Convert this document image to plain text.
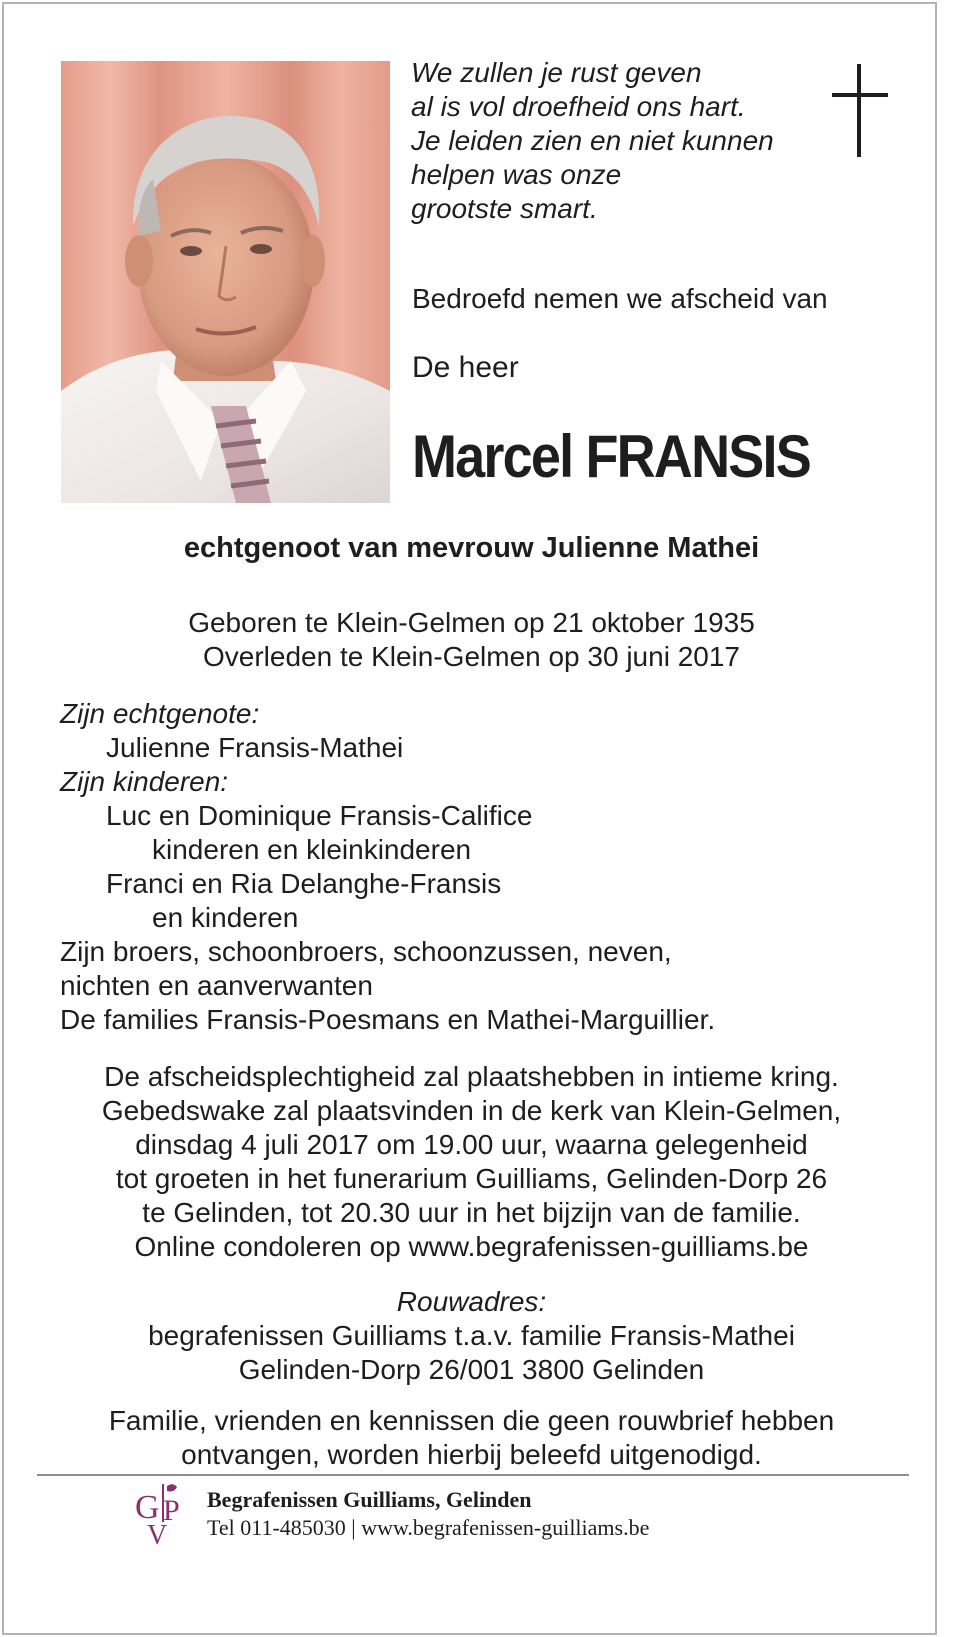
We zullen je rust geven
al is vol droefheid ons hart.
Je leiden zien en niet kunnen
helpen was onze
grootste smart.
Bedroefd nemen we afscheid van
De heer
Marcel FRANSIS
echtgenoot van mevrouw Julienne Mathei
Geboren te Klein-Gelmen op 21 oktober 1935
Overleden te Klein-Gelmen op 30 juni 2017
Zijn echtgenote:
Julienne Fransis-Mathei
Zijn kinderen:
Luc en Dominique Fransis-Califice
kinderen en kleinkinderen
Franci en Ria Delanghe-Fransis
en kinderen
Zijn broers, schoonbroers, schoonzussen, neven,
nichten en aanverwanten
De families Fransis-Poesmans en Mathei-Marguillier.
De afscheidsplechtigheid zal plaatshebben in intieme kring.
Gebedswake zal plaatsvinden in de kerk van Klein-Gelmen,
dinsdag 4 juli 2017 om 19.00 uur, waarna gelegenheid
tot groeten in het funerarium Guilliams, Gelinden-Dorp 26
te Gelinden, tot 20.30 uur in het bijzijn van de familie.
Online condoleren op www.begrafenissen-guilliams.be
Rouwadres:
begrafenissen Guilliams t.a.v. familie Fransis-Mathei
Gelinden-Dorp 26/001 3800 Gelinden
Familie, vrienden en kennissen die geen rouwbrief hebben
ontvangen, worden hierbij beleefd uitgenodigd.
G P
V
Begrafenissen Guilliams, Gelinden
Tel 011-485030 | www.begrafenissen-guilliams.be
